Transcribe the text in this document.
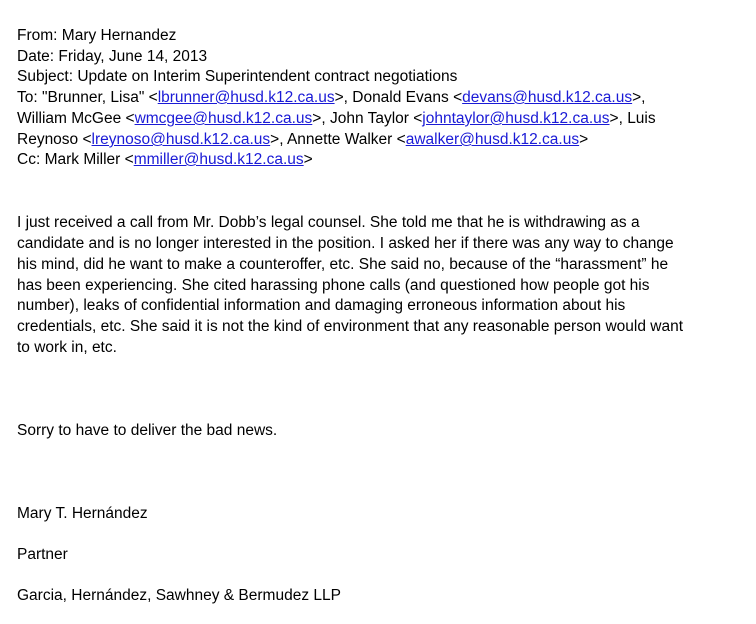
From: Mary Hernandez
Date: Friday, June 14, 2013
Subject: Update on Interim Superintendent contract negotiations
To: "Brunner, Lisa" <lbrunner@husd.k12.ca.us>, Donald Evans <devans@husd.k12.ca.us>,
William McGee <wmcgee@husd.k12.ca.us>, John Taylor <johntaylor@husd.k12.ca.us>, Luis
Reynoso <lreynoso@husd.k12.ca.us>, Annette Walker <awalker@husd.k12.ca.us>
Cc: Mark Miller <mmiller@husd.k12.ca.us>
I just received a call from Mr. Dobb’s legal counsel. She told me that he is withdrawing as a
candidate and is no longer interested in the position. I asked her if there was any way to change
his mind, did he want to make a counteroffer, etc. She said no, because of the “harassment” he
has been experiencing. She cited harassing phone calls (and questioned how people got his
number), leaks of confidential information and damaging erroneous information about his
credentials, etc. She said it is not the kind of environment that any reasonable person would want
to work in, etc.
Sorry to have to deliver the bad news.
Mary T. Hernández
Partner
Garcia, Hernández, Sawhney & Bermudez LLP
